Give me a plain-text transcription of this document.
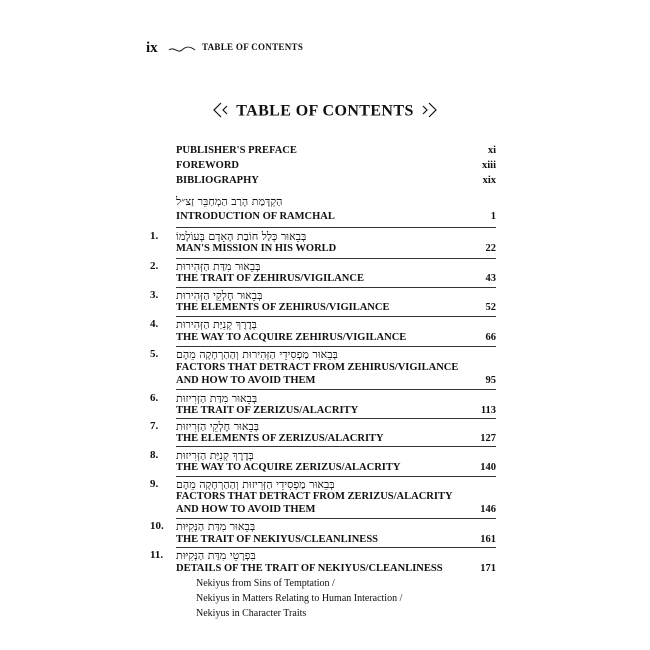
ix	TABLE OF CONTENTS
TABLE OF CONTENTS
PUBLISHER'S PREFACE	xi
FOREWORD	xiii
BIBLIOGRAPHY	xix
הַקְדָּמַת הָרַב הַמְחַבֵּר זַצ״ל
INTRODUCTION OF RAMCHAL	1
1. בְּבֵאוּר כְּלַל חוֹבַת הָאָדָם בְּעוֹלָמוֹ
MAN'S MISSION IN HIS WORLD	22
2. בְּבֵאוּר מִדַּת הַזְּהִירוּת
THE TRAIT OF ZEHIRUS/VIGILANCE	43
3. בְּבֵאוּר חֶלְקֵי הַזְּהִירוּת
THE ELEMENTS OF ZEHIRUS/VIGILANCE	52
4. בְּדֶרֶךְ קְנִיַּת הַזְּהִירוּת
THE WAY TO ACQUIRE ZEHIRUS/VIGILANCE	66
5. בְּבֵאוּר מַפְסִידֵי הַזְּהִירוּת וְהַהַרְחָקָה מֵהֶם
FACTORS THAT DETRACT FROM ZEHIRUS/VIGILANCE
AND HOW TO AVOID THEM	95
6. בְּבֵאוּר מִדַּת הַזְּרִיזוּת
THE TRAIT OF ZERIZUS/ALACRITY	113
7. בְּבֵאוּר חֶלְקֵי הַזְּרִיזוּת
THE ELEMENTS OF ZERIZUS/ALACRITY	127
8. בְּדֶרֶךְ קְנִיַּת הַזְּרִיזוּת
THE WAY TO ACQUIRE ZERIZUS/ALACRITY	140
9. בְּבֵאוּר מַפְסִידֵי הַזְּרִיזוּת וְהַהַרְחָקָה מֵהֶם
FACTORS THAT DETRACT FROM ZERIZUS/ALACRITY
AND HOW TO AVOID THEM	146
10. בְּבֵאוּר מִדַּת הַנְּקִיּוּת
THE TRAIT OF NEKIYUS/CLEANLINESS	161
11. בִּפְרָטֵי מִדַּת הַנְּקִיּוּת
DETAILS OF THE TRAIT OF NEKIYUS/CLEANLINESS	171
Nekiyus from Sins of Temptation /
Nekiyus in Matters Relating to Human Interaction /
Nekiyus in Character Traits
